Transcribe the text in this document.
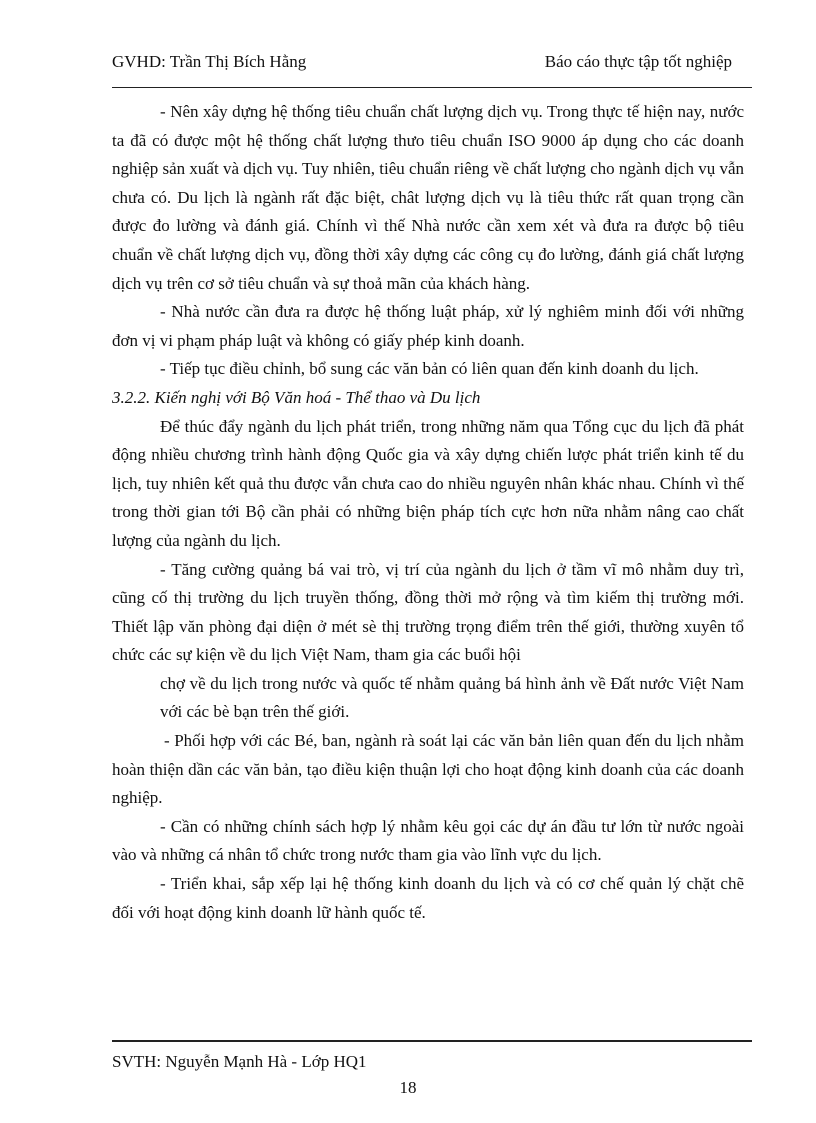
GVHD: Trần Thị Bích Hằng	Báo cáo thực tập tốt nghiệp

- Nên xây dựng hệ thống tiêu chuẩn chất lượng dịch vụ. Trong thực tế hiện nay, nước ta đã có được một hệ thống chất lượng thưo tiêu chuẩn ISO 9000 áp dụng cho các doanh nghiệp sản xuất và dịch vụ. Tuy nhiên, tiêu chuẩn riêng về chất lượng cho ngành dịch vụ vẫn chưa có. Du lịch là ngành rất đặc biệt, chât lượng dịch vụ là tiêu thức rất quan trọng cần được đo lường và đánh giá. Chính vì thế Nhà nước cần xem xét và đưa ra được bộ tiêu chuẩn về chất lượng dịch vụ, đồng thời xây dựng các công cụ đo lường, đánh giá chất lượng dịch vụ trên cơ sở tiêu chuẩn và sự thoả mãn của khách hàng.

- Nhà nước cần đưa ra được hệ thống luật pháp, xử lý nghiêm minh đối với những đơn vị vi phạm pháp luật và không có giấy phép kinh doanh.

- Tiếp tục điều chỉnh, bổ sung các văn bản có liên quan đến kinh doanh du lịch.

3.2.2. Kiến nghị với Bộ Văn hoá - Thể thao và Du lịch

Để thúc đẩy ngành du lịch phát triển, trong những năm qua Tổng cục du lịch đã phát động nhiều chương trình hành động Quốc gia và xây dựng chiến lược phát triển kinh tế du lịch, tuy nhiên kết quả thu được vẫn chưa cao do nhiều nguyên nhân khác nhau. Chính vì thế trong thời gian tới Bộ cần phải có những biện pháp tích cực hơn nữa nhằm nâng cao chất lượng của ngành du lịch.

- Tăng cường quảng bá vai trò, vị trí của ngành du lịch ở tầm vĩ mô nhằm duy trì, cũng cố thị trường du lịch truyền thống, đồng thời mở rộng và tìm kiếm thị trường mới. Thiết lập văn phòng đại diện ở mét sè thị trường trọng điểm trên thế giới, thường xuyên tổ chức các sự kiện về du lịch Việt Nam, tham gia các buổi hội

chợ về du lịch trong nước và quốc tế nhằm quảng bá hình ảnh về Đất nước Việt Nam với các bè bạn trên thế giới.

- Phối hợp với các Bé, ban, ngành rà soát lại các văn bản liên quan đến du lịch nhằm hoàn thiện dần các văn bản, tạo điều kiện thuận lợi cho hoạt động kinh doanh của các doanh nghiệp.

- Cần có những chính sách hợp lý nhằm kêu gọi các dự án đầu tư lớn từ nước ngoài vào và những cá nhân tổ chức trong nước tham gia vào lĩnh vực du lịch.

- Triển khai, sắp xếp lại hệ thống kinh doanh du lịch và có cơ chế quản lý chặt chẽ đối với hoạt động kinh doanh lữ hành quốc tế.

SVTH: Nguyễn Mạnh Hà - Lớp HQ1
18
